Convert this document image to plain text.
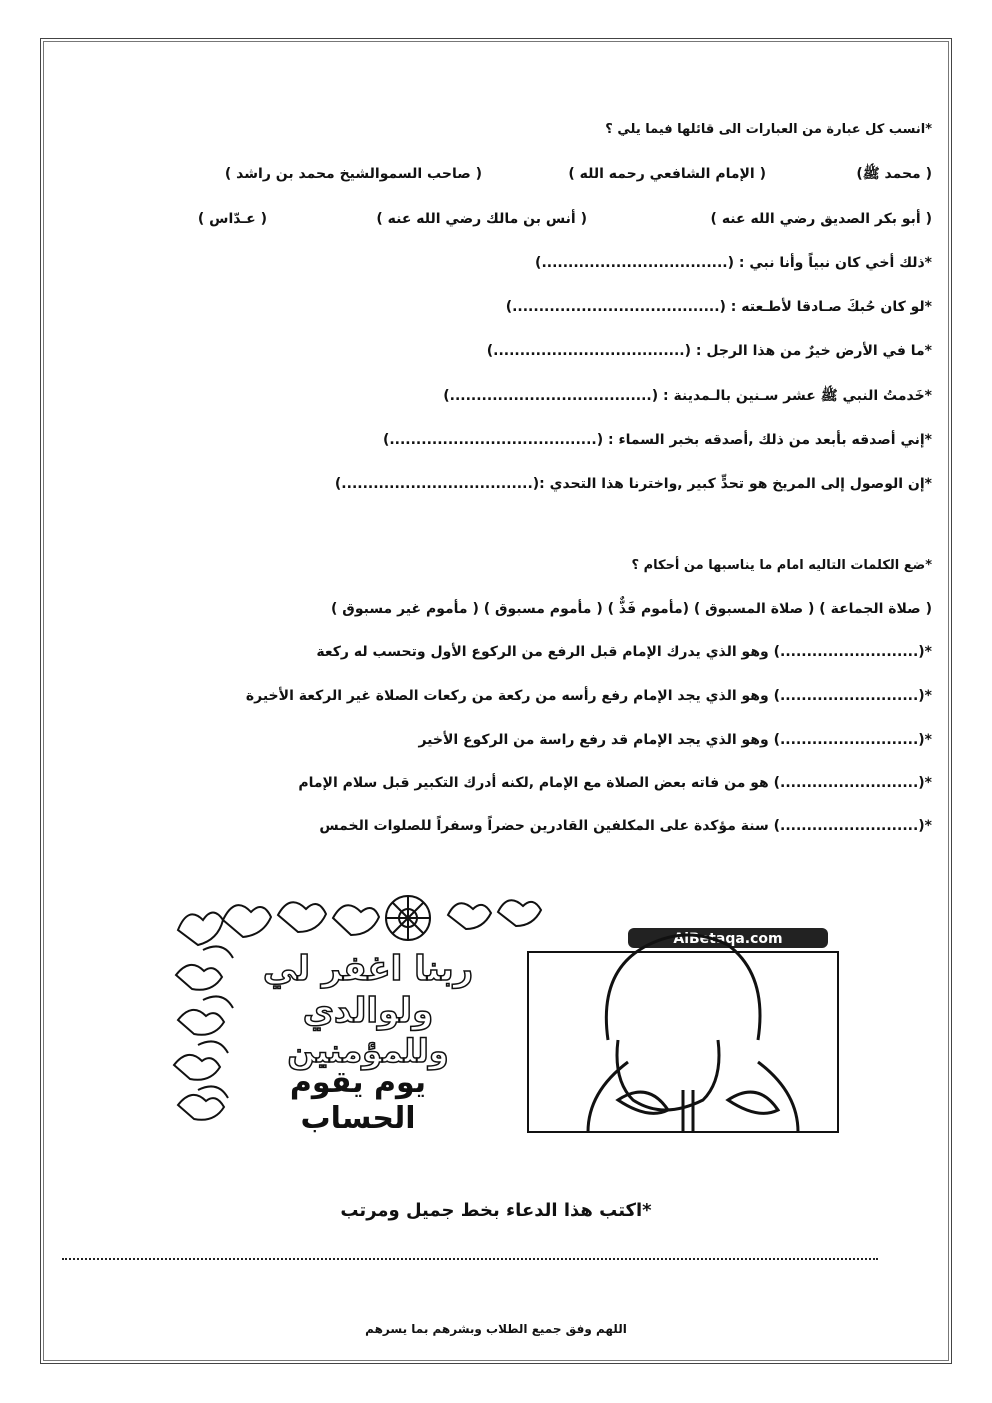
*انسب كل عبارة من العبارات الى قائلها فيما يلي ؟
( محمد ﷺ)
( الإمام الشافعي رحمه الله )
( صاحب السموالشيخ محمد بن راشد )
( أبو بكر الصديق رضي الله عنه )
( أنس بن مالك رضي الله عنه )
( عـدّاس )
*ذلك أخي كان نبياً وأنا نبي : (...................................)
*لو كان حُبكَ صـادقا لأطـعته : (.......................................)
*ما في الأرض خيرٌ من هذا الرجل : (....................................)
*خَدمتُ النبي ﷺ عشر سـنين بالـمدينة : (......................................)
*إني أصدقه بأبعد من ذلك ,أصدقه بخبر السماء : (.......................................)
*إن الوصول إلى المريخ هو تحدٍّ كبير ,واخترنا هذا التحدي :(....................................)
*ضع الكلمات التاليه امام ما يناسبها من أحكام ؟
( صلاة الجماعة ) ( صلاة المسبوق ) (مأموم فَذٌّ ) ( مأموم مسبوق ) ( مأموم غير مسبوق )
*(..........................) وهو الذي يدرك الإمام قبل الرفع من الركوع الأول وتحسب له ركعة
*(..........................) وهو الذي يجد الإمام رفع رأسه من ركعة من ركعات الصلاة غير الركعة الأخيرة
*(..........................) وهو الذي يجد الإمام قد رفع راسة من الركوع الأخير
*(..........................) هو من فاته بعض الصلاة مع الإمام ,لكنه أدرك التكبير قبل سلام الإمام
*(..........................) سنة مؤكدة على المكلفين القادرين حضراً وسفراً للصلوات الخمس
AlBetaqa.com
ربنا اغفر لي
ولوالدي
وللمؤمنين
يوم يقوم
الحساب
*اكتب هذا الدعاء بخط جميل ومرتب
اللهم وفق جميع الطلاب وبشرهم بما يسرهم
